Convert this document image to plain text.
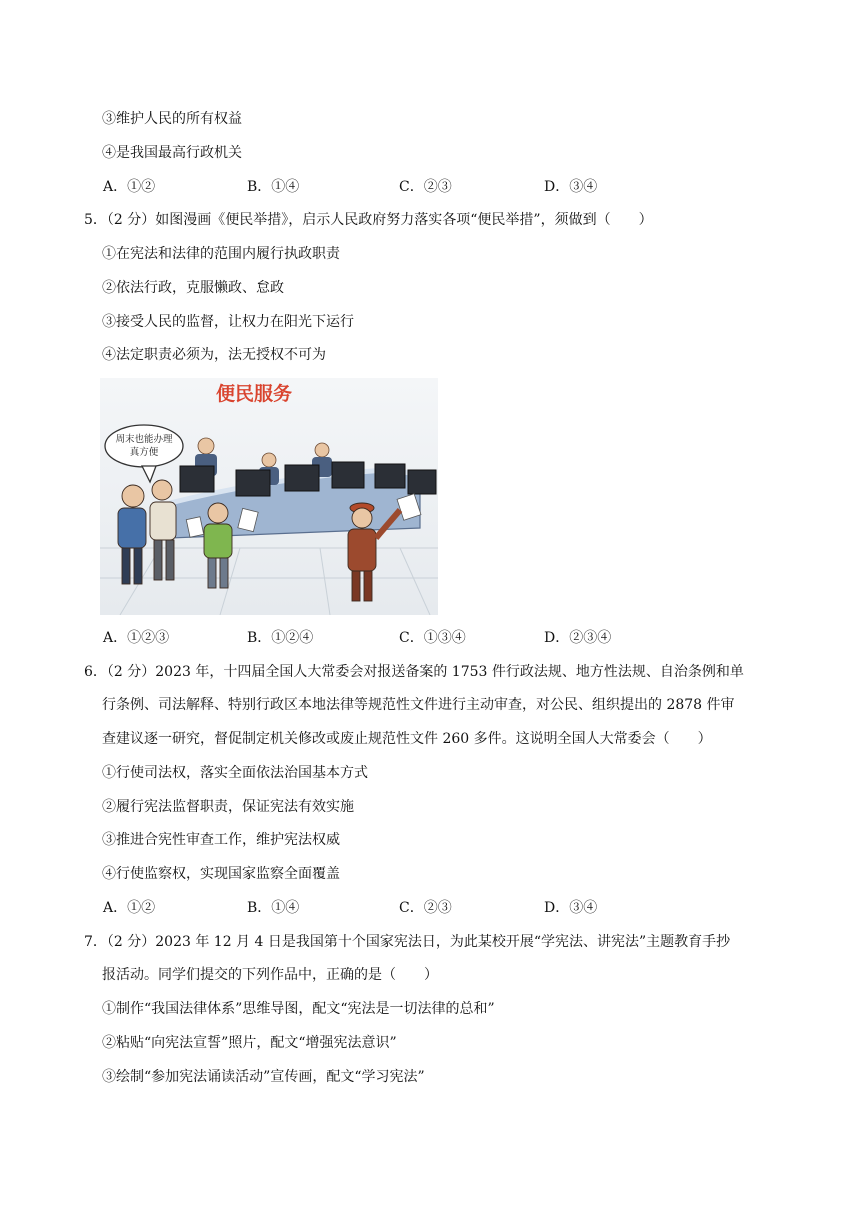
③维护人民的所有权益
④是我国最高行政机关
A．①②	B．①④	C．②③	D．③④
5．（2 分）如图漫画《便民举措》，启示人民政府努力落实各项“便民举措”，须做到（　　）
①在宪法和法律的范围内履行执政职责
②依法行政，克服懒政、怠政
③接受人民的监督，让权力在阳光下运行
④法定职责必须为，法无授权不可为
便民服务
周末也能办理
真方便
A．①②③	B．①②④	C．①③④	D．②③④
6．（2 分）2023 年，十四届全国人大常委会对报送备案的 1753 件行政法规、地方性法规、自治条例和单
行条例、司法解释、特别行政区本地法律等规范性文件进行主动审查，对公民、组织提出的 2878 件审
查建议逐一研究，督促制定机关修改或废止规范性文件 260 多件。这说明全国人大常委会（　　）
①行使司法权，落实全面依法治国基本方式
②履行宪法监督职责，保证宪法有效实施
③推进合宪性审查工作，维护宪法权威
④行使监察权，实现国家监察全面覆盖
A．①②	B．①④	C．②③	D．③④
7．（2 分）2023 年 12 月 4 日是我国第十个国家宪法日，为此某校开展“学宪法、讲宪法”主题教育手抄
报活动。同学们提交的下列作品中，正确的是（　　）
①制作“我国法律体系”思维导图，配文“宪法是一切法律的总和”
②粘贴“向宪法宣誓”照片，配文“增强宪法意识”
③绘制“参加宪法诵读活动”宣传画，配文“学习宪法”
